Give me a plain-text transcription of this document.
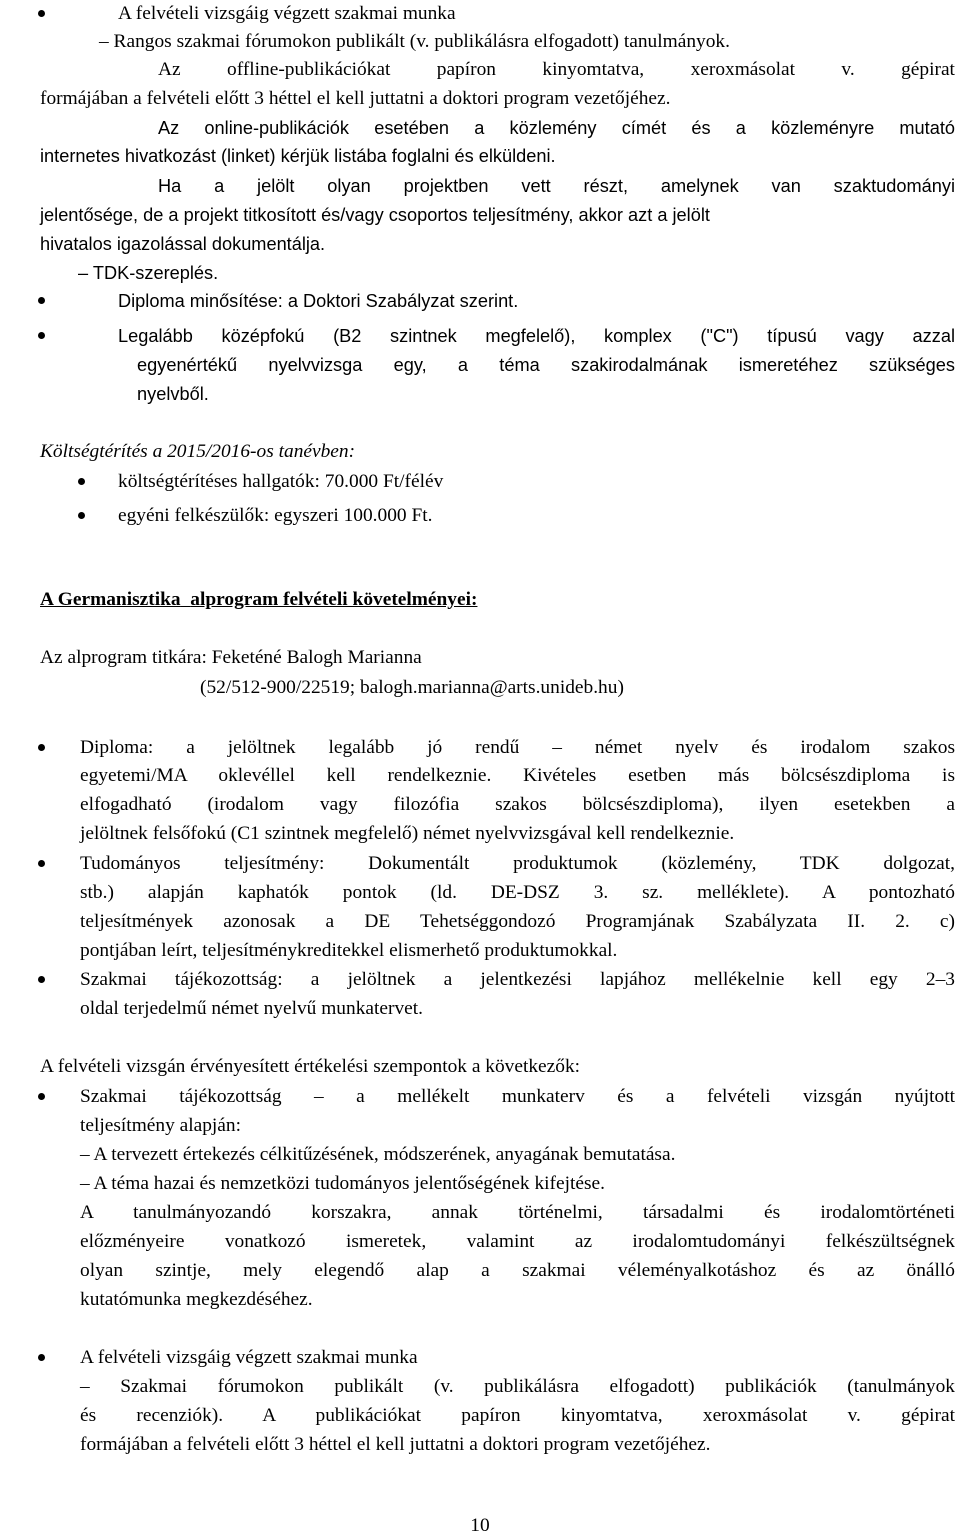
A felvételi vizsgáig végzett szakmai munka
– Rangos szakmai fórumokon publikált (v. publikálásra elfogadott) tanulmányok.
Az offline-publikációkat papíron kinyomtatva, xeroxmásolat v. gépirat
formájában a felvételi előtt 3 héttel el kell juttatni a doktori program vezetőjéhez.
Az online-publikációk esetében a közlemény címét és a közleményre mutató
internetes hivatkozást (linket) kérjük listába foglalni és elküldeni.
Ha a jelölt olyan projektben vett részt, amelynek van szaktudományi
jelentősége, de a projekt titkosított és/vagy csoportos teljesítmény, akkor azt a jelölt
hivatalos igazolással dokumentálja.
– TDK-szereplés.
Diploma minősítése: a Doktori Szabályzat szerint.
Legalább középfokú (B2 szintnek megfelelő), komplex ("C") típusú vagy azzal
egyenértékű nyelvvizsga egy, a téma szakirodalmának ismeretéhez szükséges
nyelvből.
Költségtérítés a 2015/2016-os tanévben:
költségtérítéses hallgatók: 70.000 Ft/félév
egyéni felkészülők: egyszeri 100.000 Ft.
A Germanisztika alprogram felvételi követelményei:
Az alprogram titkára: Feketéné Balogh Marianna
(52/512-900/22519; balogh.marianna@arts.unideb.hu)
Diploma: a jelöltnek legalább jó rendű – német nyelv és irodalom szakos
egyetemi/MA oklevéllel kell rendelkeznie. Kivételes esetben más bölcsészdiploma is
elfogadható (irodalom vagy filozófia szakos bölcsészdiploma), ilyen esetekben a
jelöltnek felsőfokú (C1 szintnek megfelelő) német nyelvvizsgával kell rendelkeznie.
Tudományos teljesítmény: Dokumentált produktumok (közlemény, TDK dolgozat,
stb.) alapján kaphatók pontok (ld. DE-DSZ 3. sz. melléklete). A pontozható
teljesítmények azonosak a DE Tehetséggondozó Programjának Szabályzata II. 2. c)
pontjában leírt, teljesítménykreditekkel elismerhető produktumokkal.
Szakmai tájékozottság: a jelöltnek a jelentkezési lapjához mellékelnie kell egy 2–3
oldal terjedelmű német nyelvű munkatervet.
A felvételi vizsgán érvényesített értékelési szempontok a következők:
Szakmai tájékozottság – a mellékelt munkaterv és a felvételi vizsgán nyújtott
teljesítmény alapján:
– A tervezett értekezés célkitűzésének, módszerének, anyagának bemutatása.
– A téma hazai és nemzetközi tudományos jelentőségének kifejtése.
A tanulmányozandó korszakra, annak történelmi, társadalmi és irodalomtörténeti
előzményeire vonatkozó ismeretek, valamint az irodalomtudományi felkészültségnek
olyan szintje, mely elegendő alap a szakmai véleményalkotáshoz és az önálló
kutatómunka megkezdéséhez.
A felvételi vizsgáig végzett szakmai munka
– Szakmai fórumokon publikált (v. publikálásra elfogadott) publikációk (tanulmányok
és recenziók). A publikációkat papíron kinyomtatva, xeroxmásolat v. gépirat
formájában a felvételi előtt 3 héttel el kell juttatni a doktori program vezetőjéhez.
10
